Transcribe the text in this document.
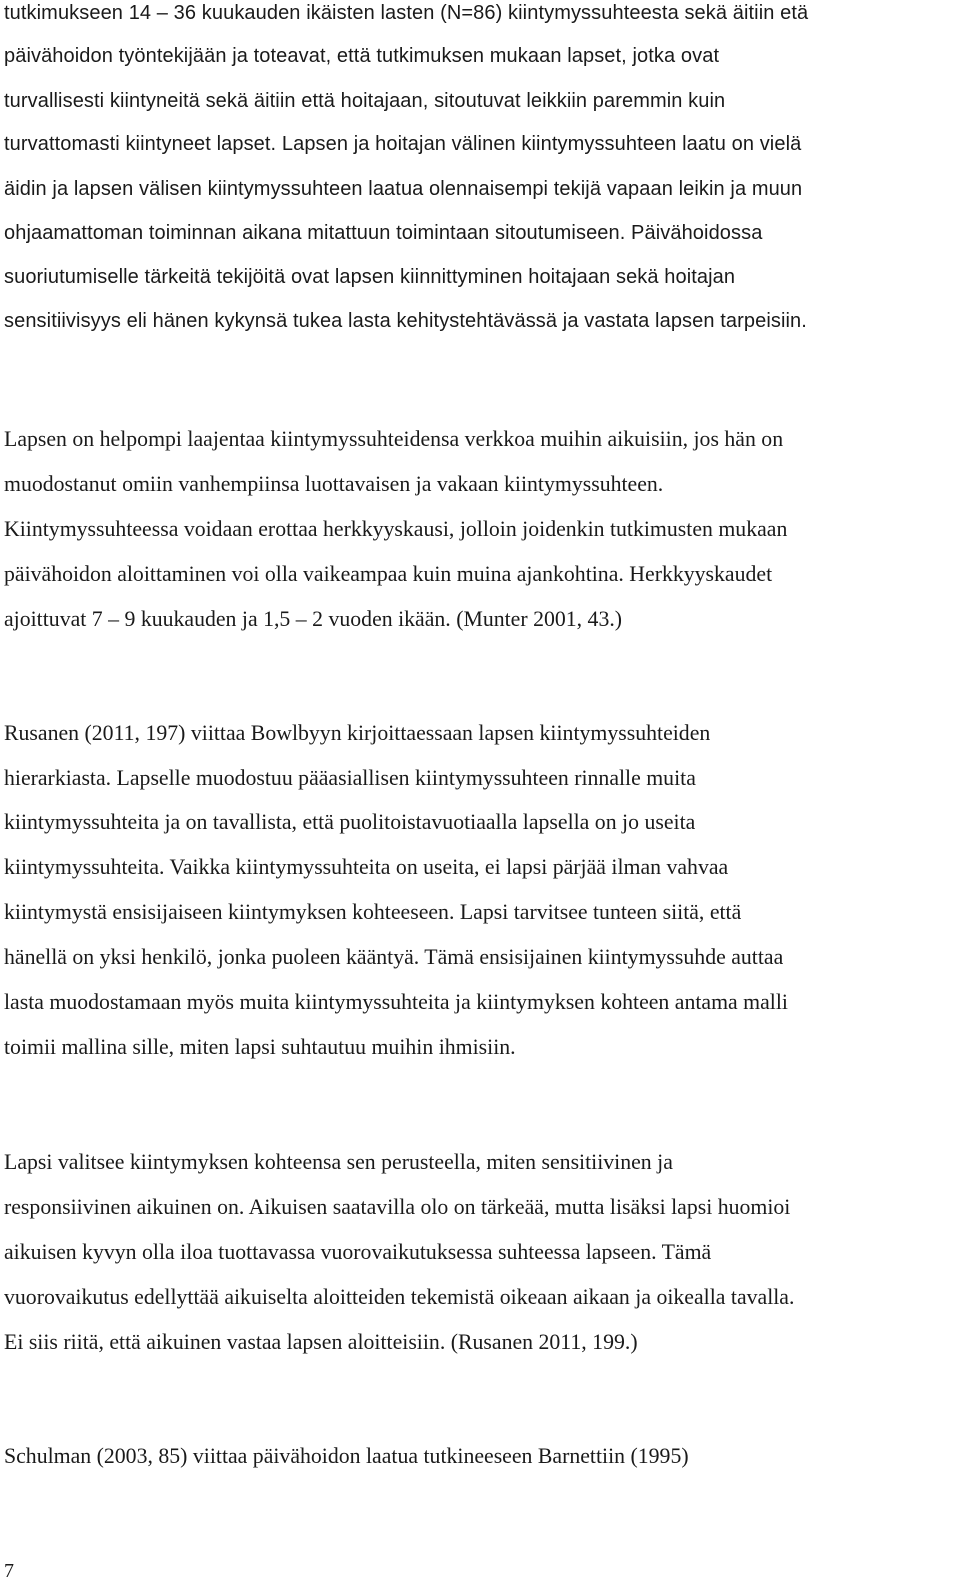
tutkimukseen 14 – 36 kuukauden ikäisten lasten (N=86) kiintymyssuhteesta sekä äitiin etä
päivähoidon työntekijään ja toteavat, että tutkimuksen mukaan lapset, jotka ovat
turvallisesti kiintyneitä sekä äitiin että hoitajaan, sitoutuvat leikkiin paremmin kuin
turvattomasti kiintyneet lapset. Lapsen ja hoitajan välinen kiintymyssuhteen laatu on vielä
äidin ja lapsen välisen kiintymyssuhteen laatua olennaisempi tekijä vapaan leikin ja muun
ohjaamattoman toiminnan aikana mitattuun toimintaan sitoutumiseen. Päivähoidossa
suoriutumiselle tärkeitä tekijöitä ovat lapsen kiinnittyminen hoitajaan sekä hoitajan
sensitiivisyys eli hänen kykynsä tukea lasta kehitystehtävässä ja vastata lapsen tarpeisiin.
Lapsen on helpompi laajentaa kiintymyssuhteidensa verkkoa muihin aikuisiin, jos hän on
muodostanut omiin vanhempiinsa luottavaisen ja vakaan kiintymyssuhteen.
Kiintymyssuhteessa voidaan erottaa herkkyyskausi, jolloin joidenkin tutkimusten mukaan
päivähoidon aloittaminen voi olla vaikeampaa kuin muina ajankohtina. Herkkyyskaudet
ajoittuvat 7 – 9 kuukauden ja 1,5 – 2 vuoden ikään. (Munter 2001, 43.)
Rusanen (2011, 197) viittaa Bowlbyyn kirjoittaessaan lapsen kiintymyssuhteiden
hierarkiasta. Lapselle muodostuu pääasiallisen kiintymyssuhteen rinnalle muita
kiintymyssuhteita ja on tavallista, että puolitoistavuotiaalla lapsella on jo useita
kiintymyssuhteita. Vaikka kiintymyssuhteita on useita, ei lapsi pärjää ilman vahvaa
kiintymystä ensisijaiseen kiintymyksen kohteeseen. Lapsi tarvitsee tunteen siitä, että
hänellä on yksi henkilö, jonka puoleen kääntyä. Tämä ensisijainen kiintymyssuhde auttaa
lasta muodostamaan myös muita kiintymyssuhteita ja kiintymyksen kohteen antama malli
toimii mallina sille, miten lapsi suhtautuu muihin ihmisiin.
Lapsi valitsee kiintymyksen kohteensa sen perusteella, miten sensitiivinen ja
responsiivinen aikuinen on. Aikuisen saatavilla olo on tärkeää, mutta lisäksi lapsi huomioi
aikuisen kyvyn olla iloa tuottavassa vuorovaikutuksessa suhteessa lapseen. Tämä
vuorovaikutus edellyttää aikuiselta aloitteiden tekemistä oikeaan aikaan ja oikealla tavalla.
Ei siis riitä, että aikuinen vastaa lapsen aloitteisiin. (Rusanen 2011, 199.)
Schulman (2003, 85) viittaa päivähoidon laatua tutkineeseen Barnettiin (1995)
7
